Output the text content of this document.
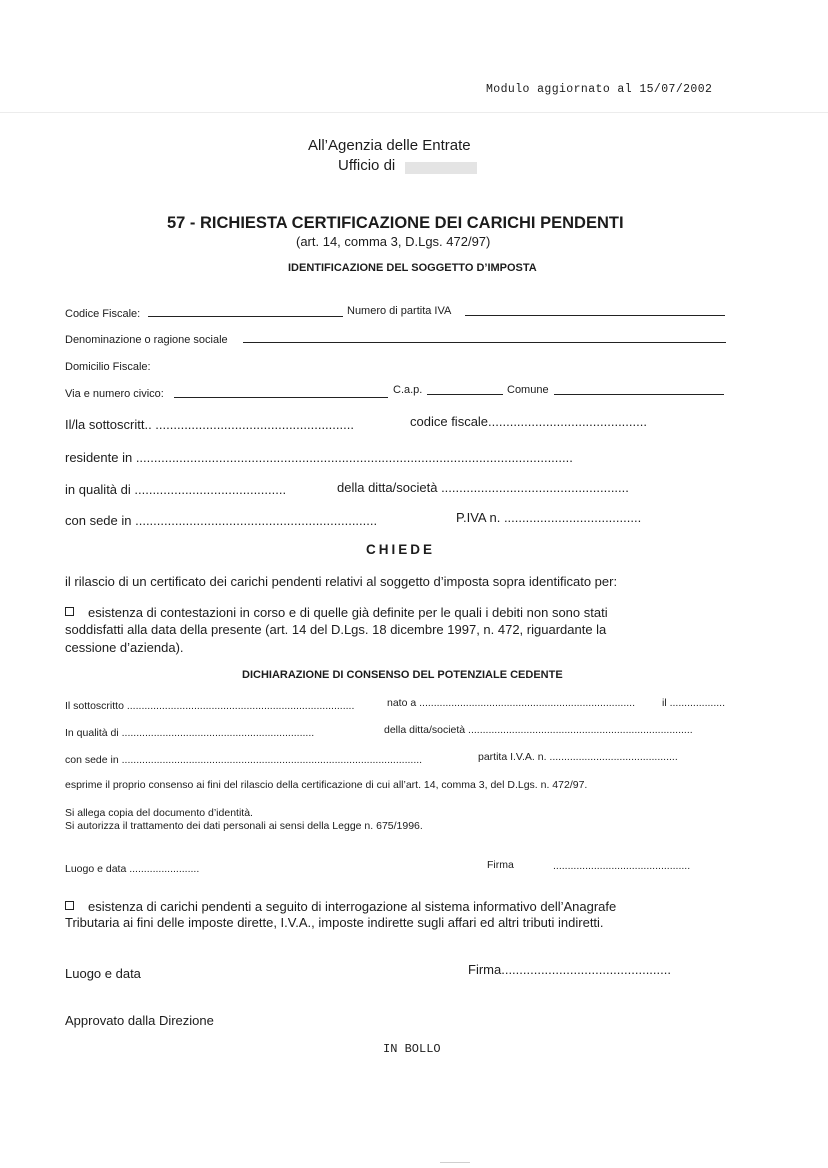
Modulo aggiornato al 15/07/2002
All’Agenzia delle Entrate
Ufficio di
57 - RICHIESTA CERTIFICAZIONE DEI CARICHI PENDENTI
(art. 14, comma 3, D.Lgs. 472/97)
IDENTIFICAZIONE DEL SOGGETTO D’IMPOSTA
Codice Fiscale:	Numero di partita IVA
Denominazione o ragione sociale
Domicilio Fiscale:
Via e numero civico:	C.a.p.	Comune
Il/la sottoscritt.. .......................................................	codice fiscale............................................
residente in .........................................................................................................................
in qualità di ..........................................	della ditta/società ....................................................
con sede in ...................................................................	P.IVA n. ......................................
CHIEDE
il rilascio di un certificato dei carichi pendenti relativi al soggetto d’imposta sopra identificato per:
esistenza di contestazioni in corso e di quelle già definite per le quali i debiti non sono stati
soddisfatti alla data della presente (art. 14 del D.Lgs. 18 dicembre 1997, n. 472, riguardante la
cessione d’azienda).
DICHIARAZIONE DI CONSENSO DEL POTENZIALE CEDENTE
Il sottoscritto ..............................................................................	nato a ..........................................................................	il ...................
In qualità di ..................................................................	della ditta/società .............................................................................
con sede in .......................................................................................................	partita I.V.A. n. ............................................
esprime il proprio consenso ai fini del rilascio della certificazione di cui all’art. 14, comma 3, del D.Lgs. n. 472/97.
Si allega copia del documento d’identità.
Si autorizza il trattamento dei dati personali ai sensi della Legge n. 675/1996.
Luogo e data ........................	Firma	...............................................
esistenza di carichi pendenti a seguito di interrogazione al sistema informativo dell’Anagrafe
Tributaria ai fini delle imposte dirette, I.V.A., imposte indirette sugli affari ed altri tributi indiretti.
Luogo e data	Firma...............................................
Approvato dalla Direzione
IN BOLLO
